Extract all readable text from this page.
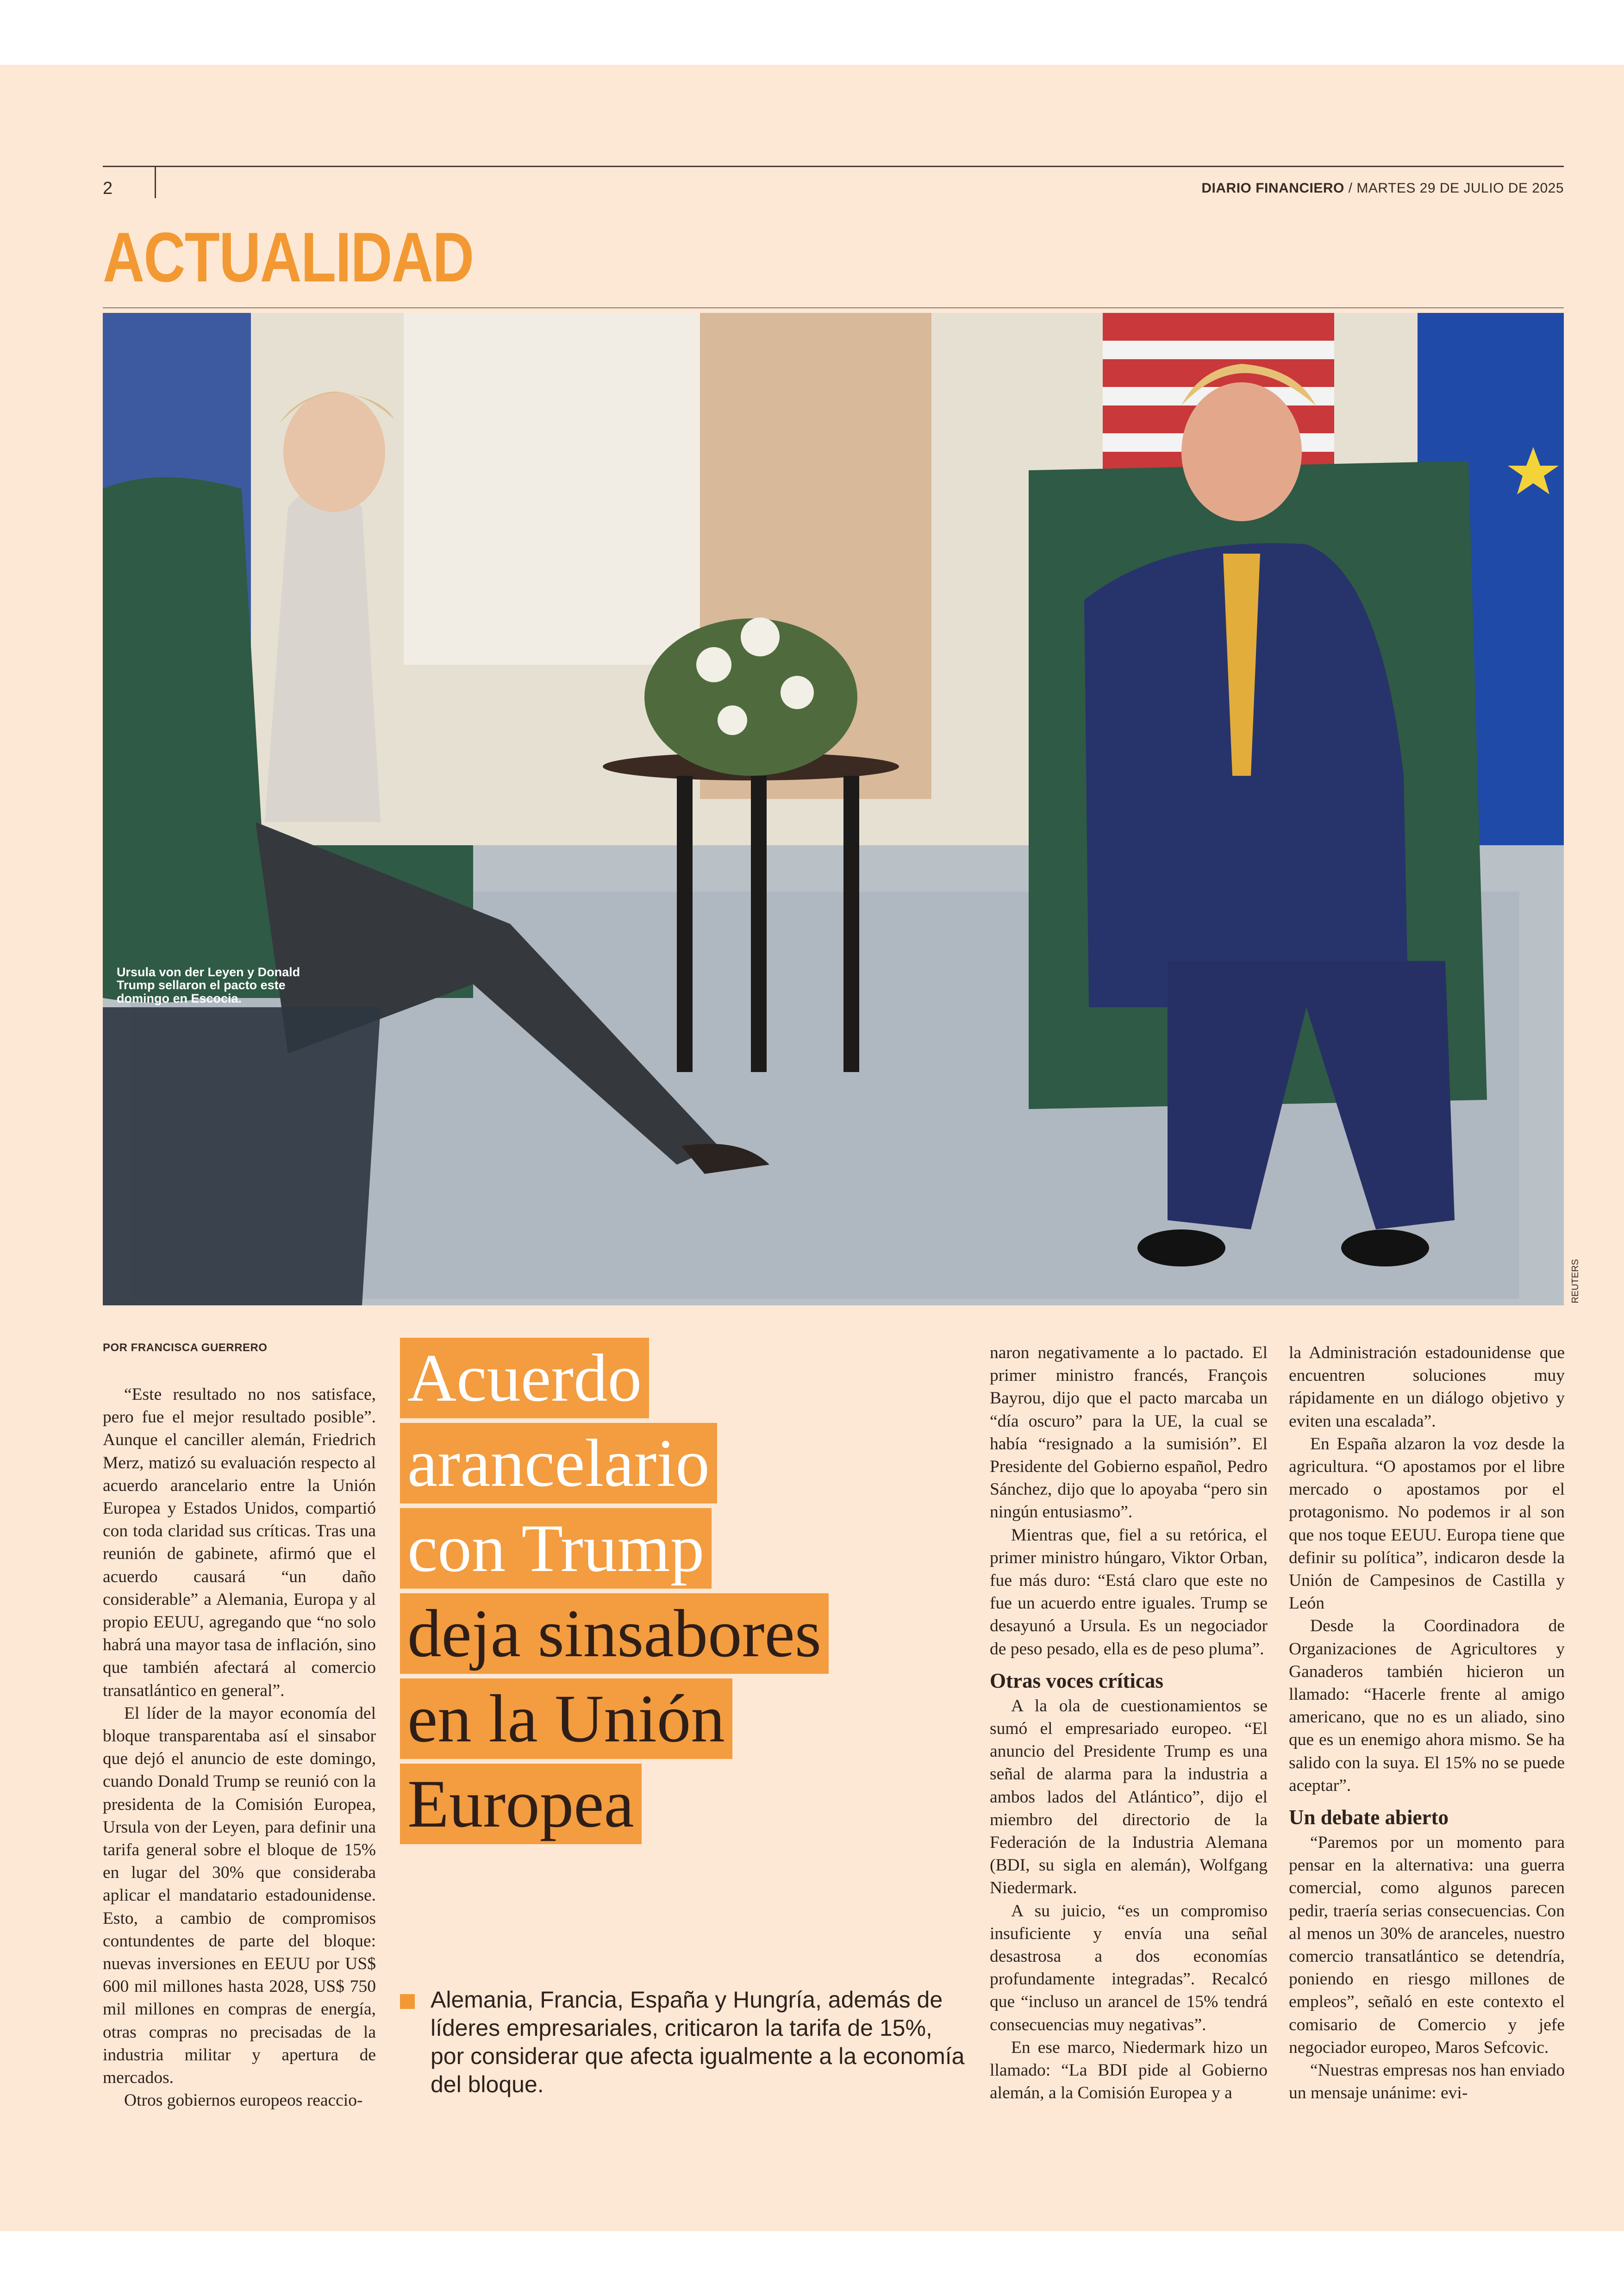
2	DIARIO FINANCIERO / MARTES 29 DE JULIO DE 2025
ACTUALIDAD
Ursula von der Leyen y Donald Trump sellaron el pacto este domingo en Escocia.
REUTERS
POR FRANCISCA GUERRERO

“Este resultado no nos satisface, pero fue el mejor resultado posible”. Aunque el canciller alemán, Friedrich Merz, matizó su evaluación respecto al acuerdo arancelario entre la Unión Europea y Estados Unidos, compartió con toda claridad sus críticas. Tras una reunión de gabinete, afirmó que el acuerdo causará “un daño considerable” a Alemania, Europa y al propio EEUU, agregando que “no solo habrá una mayor tasa de inflación, sino que también afectará al comercio transatlántico en general”.

El líder de la mayor economía del bloque transparentaba así el sinsabor que dejó el anuncio de este domingo, cuando Donald Trump se reunió con la presidenta de la Comisión Europea, Ursula von der Leyen, para definir una tarifa general sobre el bloque de 15% en lugar del 30% que consideraba aplicar el mandatario estadounidense. Esto, a cambio de compromisos contundentes de parte del bloque: nuevas inversiones en EEUU por US$ 600 mil millones hasta 2028, US$ 750 mil millones en compras de energía, otras compras no precisadas de la industria militar y apertura de mercados.

Otros gobiernos europeos reaccio-

Acuerdo
arancelario
con Trump
deja sinsabores
en la Unión
Europea
Alemania, Francia, España y Hungría, además de líderes empresariales, criticaron la tarifa de 15%, por considerar que afecta igualmente a la economía del bloque.

naron negativamente a lo pactado. El primer ministro francés, François Bayrou, dijo que el pacto marcaba un “día oscuro” para la UE, la cual se había “resignado a la sumisión”. El Presidente del Gobierno español, Pedro Sánchez, dijo que lo apoyaba “pero sin ningún entusiasmo”.

Mientras que, fiel a su retórica, el primer ministro húngaro, Viktor Orban, fue más duro: “Está claro que este no fue un acuerdo entre iguales. Trump se desayunó a Ursula. Es un negociador de peso pesado, ella es de peso pluma”.

Otras voces críticas

A la ola de cuestionamientos se sumó el empresariado europeo. “El anuncio del Presidente Trump es una señal de alarma para la industria a ambos lados del Atlántico”, dijo el miembro del directorio de la Federación de la Industria Alemana (BDI, su sigla en alemán), Wolfgang Niedermark.

A su juicio, “es un compromiso insuficiente y envía una señal desastrosa a dos economías profundamente integradas”. Recalcó que “incluso un arancel de 15% tendrá consecuencias muy negativas”.

En ese marco, Niedermark hizo un llamado: “La BDI pide al Gobierno alemán, a la Comisión Europea y a

la Administración estadounidense que encuentren soluciones muy rápidamente en un diálogo objetivo y eviten una escalada”.

En España alzaron la voz desde la agricultura. “O apostamos por el libre mercado o apostamos por el protagonismo. No podemos ir al son que nos toque EEUU. Europa tiene que definir su política”, indicaron desde la Unión de Campesinos de Castilla y León

Desde la Coordinadora de Organizaciones de Agricultores y Ganaderos también hicieron un llamado: “Hacerle frente al amigo americano, que no es un aliado, sino que es un enemigo ahora mismo. Se ha salido con la suya. El 15% no se puede aceptar”.

Un debate abierto

“Paremos por un momento para pensar en la alternativa: una guerra comercial, como algunos parecen pedir, traería serias consecuencias. Con al menos un 30% de aranceles, nuestro comercio transatlántico se detendría, poniendo en riesgo millones de empleos”, señaló en este contexto el comisario de Comercio y jefe negociador europeo, Maros Sefcovic.

“Nuestras empresas nos han enviado un mensaje unánime: evi-
